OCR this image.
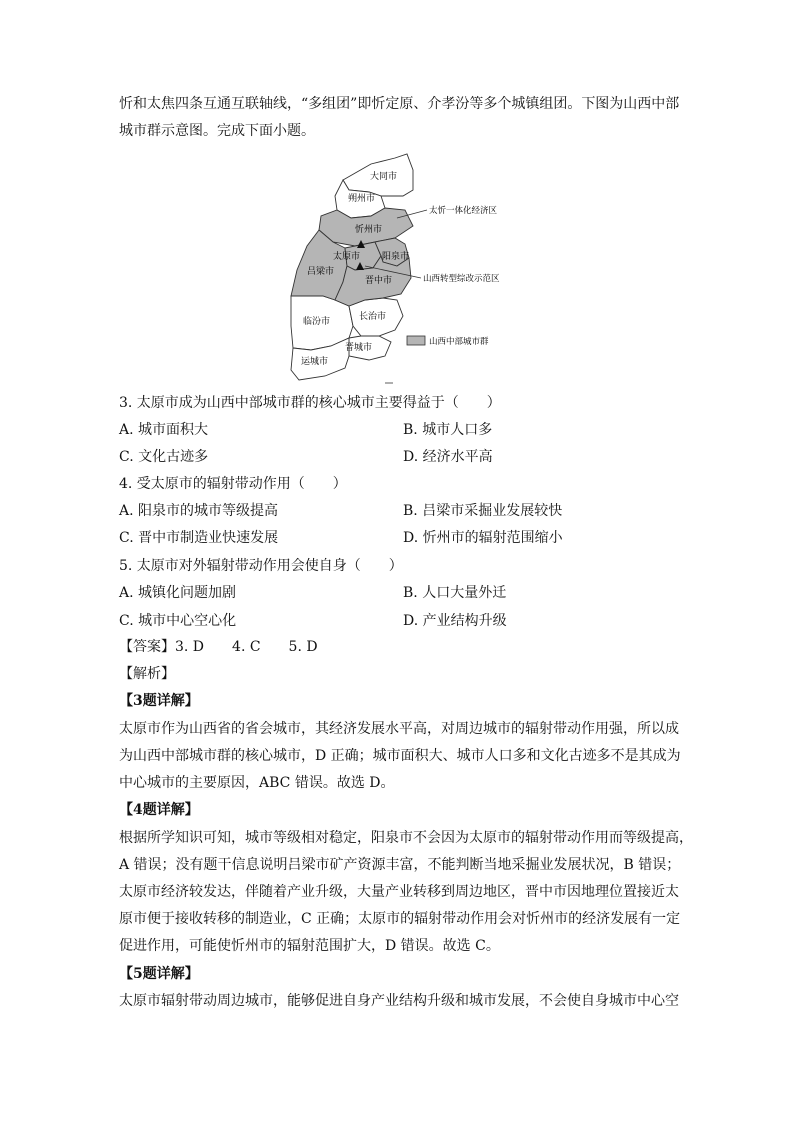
忻和太焦四条互通互联轴线，“多组团”即忻定原、介孝汾等多个城镇组团。下图为山西中部
城市群示意图。完成下面小题。
大同市
朔州市
忻州市
太原市 阳泉市
吕梁市
晋中市
临汾市	长治市
晋城市
运城市
太忻一体化经济区
山西转型综改示范区
山西中部城市群
3. 太原市成为山西中部城市群的核心城市主要得益于（　　）
A. 城市面积大	B. 城市人口多
C. 文化古迹多	D. 经济水平高
4. 受太原市的辐射带动作用（　　）
A. 阳泉市的城市等级提高	B. 吕梁市采掘业发展较快
C. 晋中市制造业快速发展	D. 忻州市的辐射范围缩小
5. 太原市对外辐射带动作用会使自身（　　）
A. 城镇化问题加剧	B. 人口大量外迁
C. 城市中心空心化	D. 产业结构升级
【答案】3. D　　4. C　　5. D
【解析】
【3题详解】
太原市作为山西省的省会城市，其经济发展水平高，对周边城市的辐射带动作用强，所以成
为山西中部城市群的核心城市，D 正确；城市面积大、城市人口多和文化古迹多不是其成为
中心城市的主要原因，ABC 错误。故选 D。
【4题详解】
根据所学知识可知，城市等级相对稳定，阳泉市不会因为太原市的辐射带动作用而等级提高，
A 错误；没有题干信息说明吕梁市矿产资源丰富，不能判断当地采掘业发展状况，B 错误；
太原市经济较发达，伴随着产业升级，大量产业转移到周边地区，晋中市因地理位置接近太
原市便于接收转移的制造业，C 正确；太原市的辐射带动作用会对忻州市的经济发展有一定
促进作用，可能使忻州市的辐射范围扩大，D 错误。故选 C。
【5题详解】
太原市辐射带动周边城市，能够促进自身产业结构升级和城市发展，不会使自身城市中心空
